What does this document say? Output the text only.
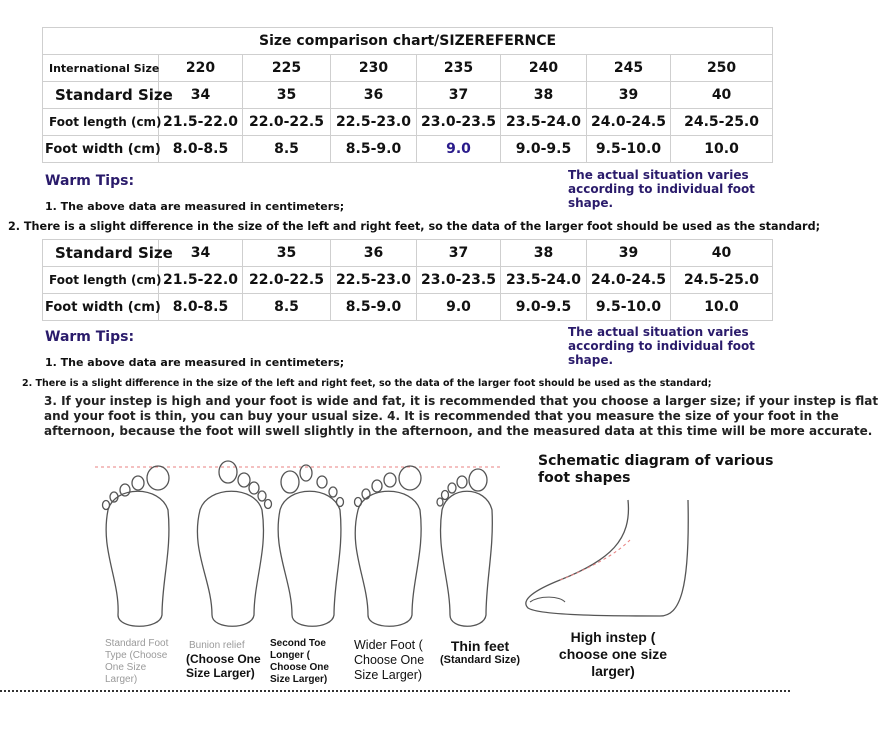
Size comparison chart/SIZEREFERNCE							
International Size	220	225	230	235	240	245	250
Standard Size	34	35	36	37	38	39	40
Foot length (cm)	21.5-22.0	22.0-22.5	22.5-23.0	23.0-23.5	23.5-24.0	24.0-24.5	24.5-25.0
Foot width (cm)	8.0-8.5	8.5	8.5-9.0	9.0	9.0-9.5	9.5-10.0	10.0
Warm Tips:	The actual situation varies
according to individual foot shape.
1. The above data are measured in centimeters;
2. There is a slight difference in the size of the left and right feet, so the data of the larger foot should be used as the standard;
Standard Size	34	35	36	37	38	39	40
Foot length (cm)	21.5-22.0	22.0-22.5	22.5-23.0	23.0-23.5	23.5-24.0	24.0-24.5	24.5-25.0
Foot width (cm)	8.0-8.5	8.5	8.5-9.0	9.0	9.0-9.5	9.5-10.0	10.0
Warm Tips:	The actual situation varies
according to individual foot shape.
1. The above data are measured in centimeters;
2. There is a slight difference in the size of the left and right feet, so the data of the larger foot should be used as the standard;
3. If your instep is high and your foot is wide and fat, it is recommended that you choose a larger size; if your instep is flat
and your foot is thin, you can buy your usual size. 4. It is recommended that you measure the size of your foot in the
afternoon, because the foot will swell slightly in the afternoon, and the measured data at this time will be more accurate.
Schematic diagram of various
foot shapes
Standard Foot
Type (Choose
One Size
Larger)
Bunion relief
(Choose One
Size Larger)
Second Toe
Longer (
Choose One
Size Larger)
Wider Foot (
Choose One
Size Larger)
Thin feet
(Standard Size)
High instep (
choose one size
larger)
